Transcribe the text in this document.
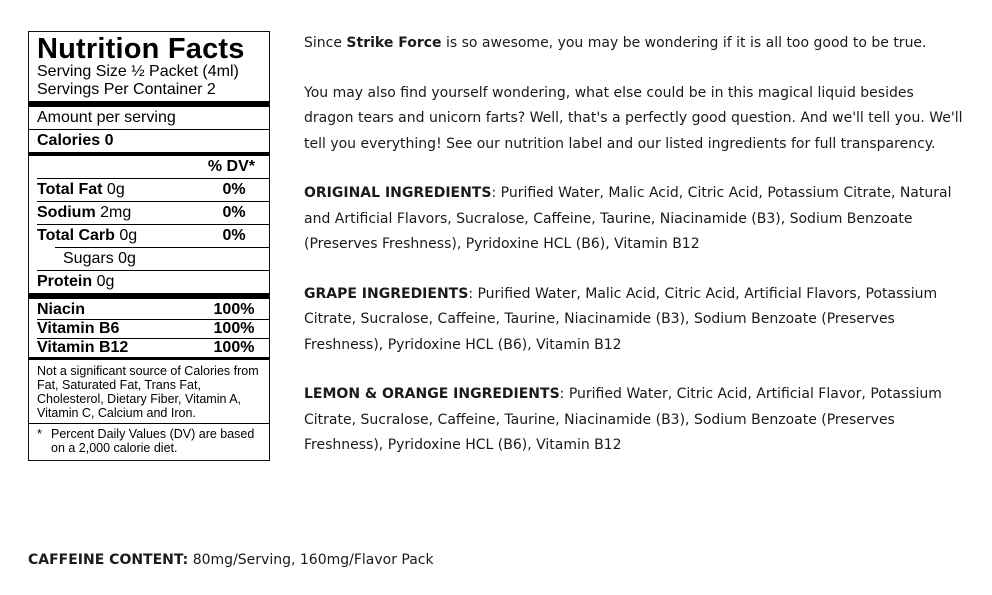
Nutrition Facts
Serving Size ½ Packet (4ml)
Servings Per Container 2
Amount per serving
Calories 0
% DV*
Total Fat 0g	0%
Sodium 2mg	0%
Total Carb 0g	0%
Sugars 0g
Protein 0g
Niacin	100%
Vitamin B6	100%
Vitamin B12	100%
Not a significant source of Calories from Fat, Saturated Fat, Trans Fat, Cholesterol, Dietary Fiber, Vitamin A, Vitamin C, Calcium and Iron.
* Percent Daily Values (DV) are based on a 2,000 calorie diet.

Since Strike Force is so awesome, you may be wondering if it is all too good to be true.

You may also find yourself wondering, what else could be in this magical liquid besides dragon tears and unicorn farts? Well, that's a perfectly good question. And we'll tell you. We'll tell you everything! See our nutrition label and our listed ingredients for full transparency.

ORIGINAL INGREDIENTS: Purified Water, Malic Acid, Citric Acid, Potassium Citrate, Natural and Artificial Flavors, Sucralose, Caffeine, Taurine, Niacinamide (B3), Sodium Benzoate (Preserves Freshness), Pyridoxine HCL (B6), Vitamin B12

GRAPE INGREDIENTS: Purified Water, Malic Acid, Citric Acid, Artificial Flavors, Potassium Citrate, Sucralose, Caffeine, Taurine, Niacinamide (B3), Sodium Benzoate (Preserves Freshness), Pyridoxine HCL (B6), Vitamin B12

LEMON & ORANGE INGREDIENTS: Purified Water, Citric Acid, Artificial Flavor, Potassium Citrate, Sucralose, Caffeine, Taurine, Niacinamide (B3), Sodium Benzoate (Preserves Freshness), Pyridoxine HCL (B6), Vitamin B12

CAFFEINE CONTENT: 80mg/Serving, 160mg/Flavor Pack
